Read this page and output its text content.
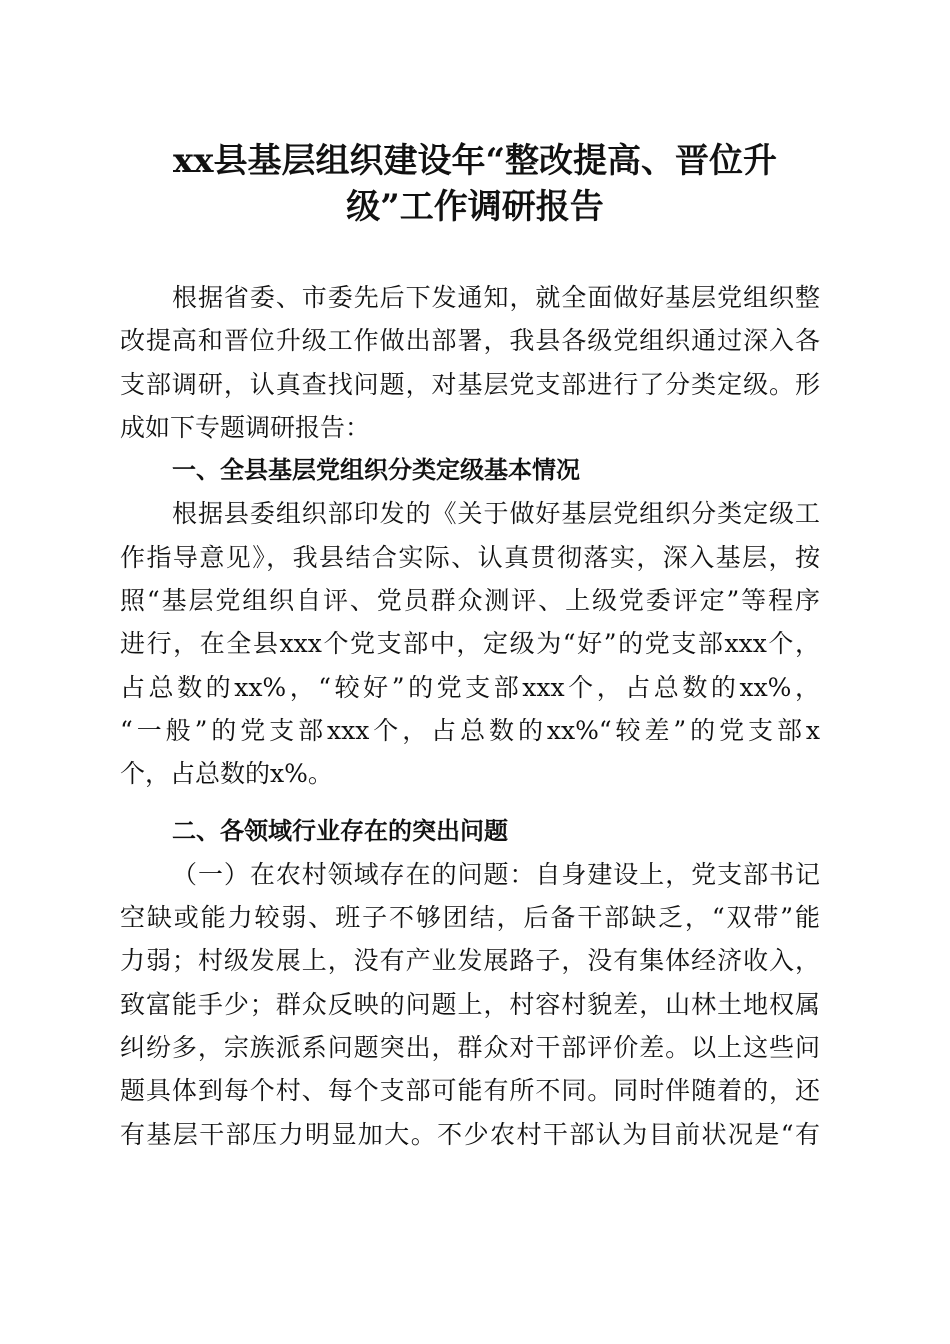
xx县基层组织建设年“整改提高、晋位升
级”工作调研报告
根据省委、市委先后下发通知，就全面做好基层党组织整
改提高和晋位升级工作做出部署，我县各级党组织通过深入各
支部调研，认真查找问题，对基层党支部进行了分类定级。形
成如下专题调研报告：
一、全县基层党组织分类定级基本情况
根据县委组织部印发的《关于做好基层党组织分类定级工
作指导意见》，我县结合实际、认真贯彻落实，深入基层，按
照“基层党组织自评、党员群众测评、上级党委评定”等程序
进行，在全县xxx个党支部中，定级为“好”的党支部xxx个，
占总数的xx%，“较好”的党支部xxx个，占总数的xx%，
“一般”的党支部xxx个，占总数的xx%“较差”的党支部x
个，占总数的x%。
二、各领域行业存在的突出问题
（一）在农村领域存在的问题：自身建设上，党支部书记
空缺或能力较弱、班子不够团结，后备干部缺乏，“双带”能
力弱；村级发展上，没有产业发展路子，没有集体经济收入，
致富能手少；群众反映的问题上，村容村貌差，山林土地权属
纠纷多，宗族派系问题突出，群众对干部评价差。以上这些问
题具体到每个村、每个支部可能有所不同。同时伴随着的，还
有基层干部压力明显加大。不少农村干部认为目前状况是“有
